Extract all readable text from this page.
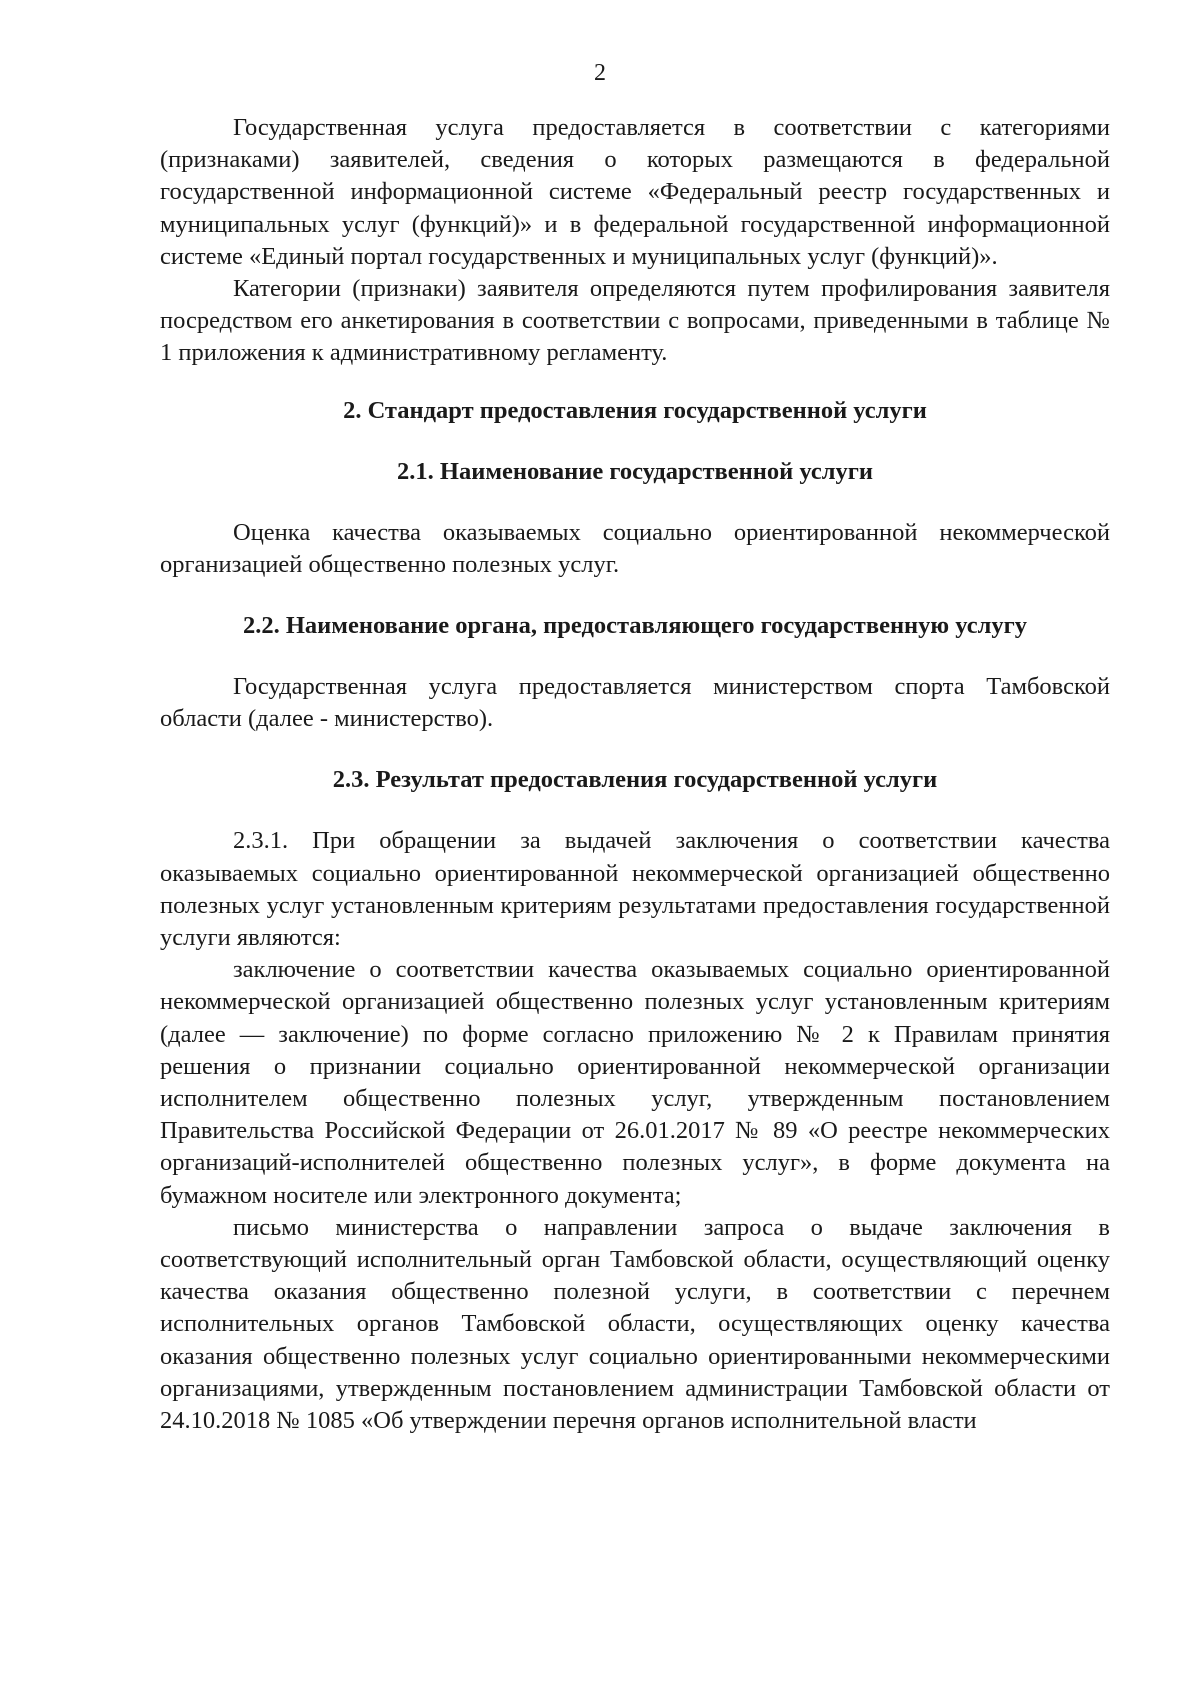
2

Государственная услуга предоставляется в соответствии с категориями (признаками) заявителей, сведения о которых размещаются в федеральной государственной информационной системе «Федеральный реестр государственных и муниципальных услуг (функций)» и в федеральной государственной информационной системе «Единый портал государственных и муниципальных услуг (функций)».

Категории (признаки) заявителя определяются путем профилирования заявителя посредством его анкетирования в соответствии с вопросами, приведенными в таблице № 1 приложения к административному регламенту.

2. Стандарт предоставления государственной услуги
2.1. Наименование государственной услуги

Оценка качества оказываемых социально ориентированной некоммерческой организацией общественно полезных услуг.

2.2. Наименование органа, предоставляющего государственную услугу

Государственная услуга предоставляется министерством спорта Тамбовской области (далее - министерство).

2.3. Результат предоставления государственной услуги

2.3.1. При обращении за выдачей заключения о соответствии качества оказываемых социально ориентированной некоммерческой организацией общественно полезных услуг установленным критериям результатами предоставления государственной услуги являются:

заключение о соответствии качества оказываемых социально ориентированной некоммерческой организацией общественно полезных услуг установленным критериям (далее — заключение) по форме согласно приложению № 2 к Правилам принятия решения о признании социально ориентированной некоммерческой организации исполнителем общественно полезных услуг, утвержденным постановлением Правительства Российской Федерации от 26.01.2017 № 89 «О реестре некоммерческих организаций-исполнителей общественно полезных услуг», в форме документа на бумажном носителе или электронного документа;

письмо министерства о направлении запроса о выдаче заключения в соответствующий исполнительный орган Тамбовской области, осуществляющий оценку качества оказания общественно полезной услуги, в соответствии с перечнем исполнительных органов Тамбовской области, осуществляющих оценку качества оказания общественно полезных услуг социально ориентированными некоммерческими организациями, утвержденным постановлением администрации Тамбовской области от 24.10.2018 № 1085 «Об утверждении перечня органов исполнительной власти
